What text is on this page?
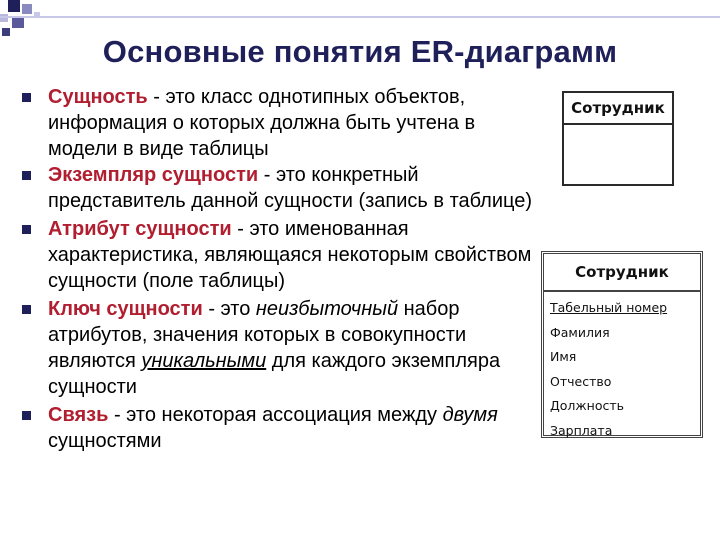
Основные понятия ER-диаграмм
Сущность - это класс однотипных объектов, информация о которых должна быть учтена в модели в виде таблицы
Экземпляр сущности - это конкретный представитель данной сущности (запись в таблице)
Атрибут сущности - это именованная характеристика, являющаяся некоторым свойством сущности (поле таблицы)
Ключ сущности - это неизбыточный набор атрибутов, значения которых в совокупности являются уникальными для каждого экземпляра сущности
Связь - это некоторая ассоциация между двумя сущностями
Сотрудник
Сотрудник
Табельный номер
Фамилия
Имя
Отчество
Должность
Зарплата
